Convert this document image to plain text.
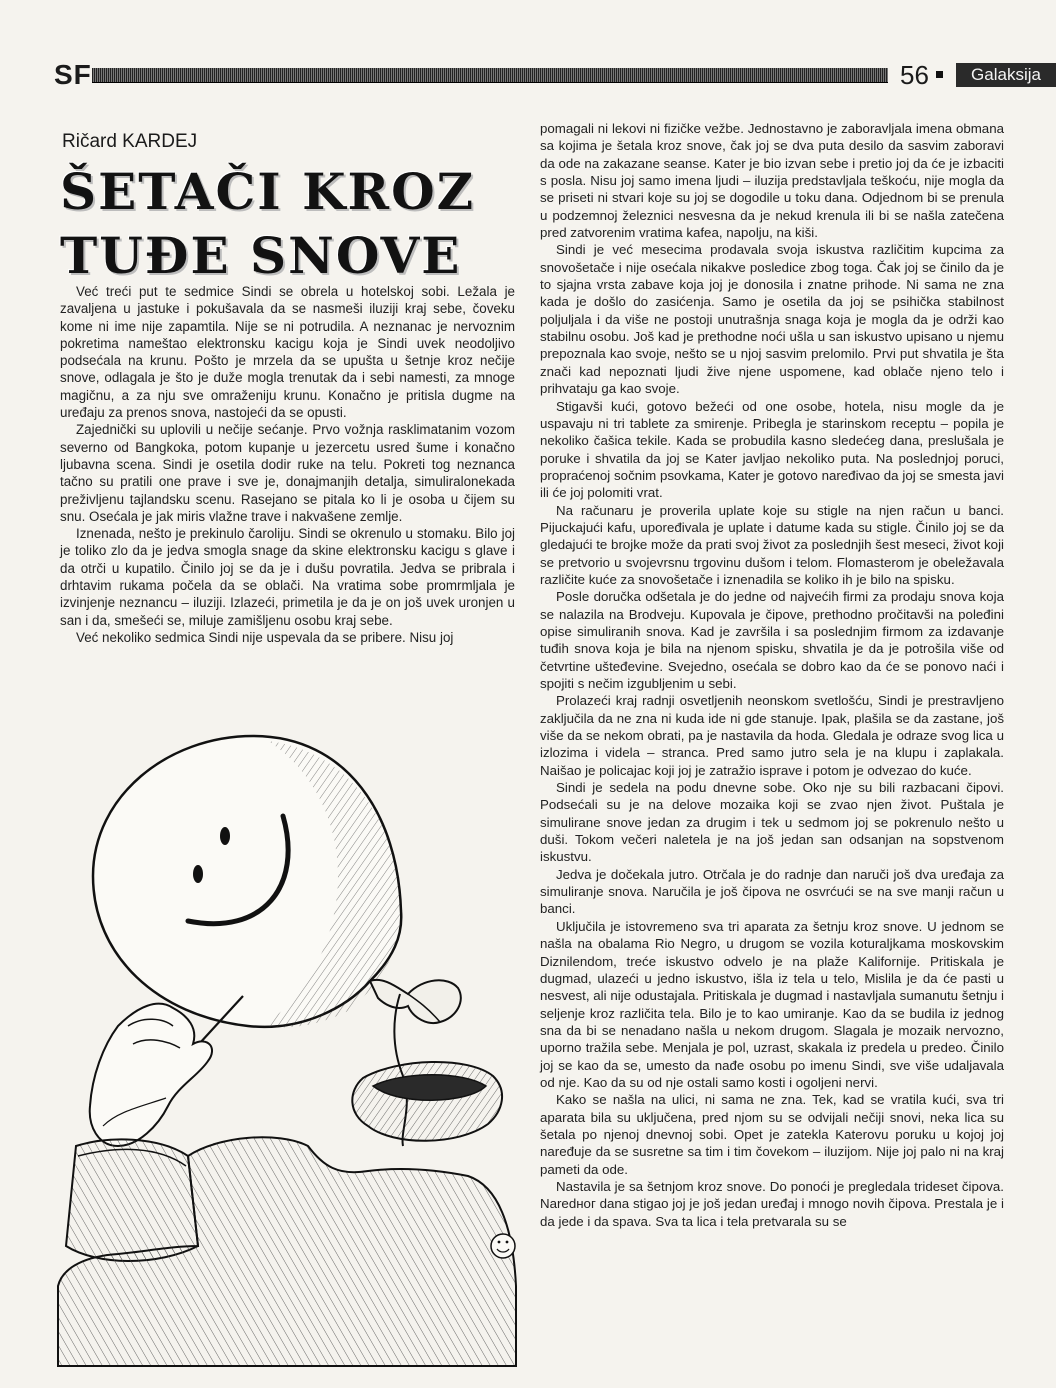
SF	56	Galaksija
Ričard KARDEJ
ŠETAČI KROZ
TUĐE SNOVE

Već treći put te sedmice Sindi se obrela u hotelskoj sobi. Ležala je zavaljena u jastuke i pokušavala da se nasmeši iluziji kraj sebe, čoveku kome ni ime nije zapamtila. Nije se ni potrudila. A neznanac je nervoznim pokretima nameštao elektronsku kacigu koja je Sindi uvek neodoljivo podsećala na krunu. Pošto je mrzela da se upušta u šetnje kroz nečije snove, odlagala je što je duže mogla trenutak da i sebi namesti, za mnoge magičnu, a za nju sve omraženiju krunu. Konačno je pritisla dugme na uređaju za prenos snova, nastojeći da se opusti.

Zajednički su uplovili u nečije sećanje. Prvo vožnja rasklimatanim vozom severno od Bangkoka, potom kupanje u jezercetu usred šume i konačno ljubavna scena. Sindi je osetila dodir ruke na telu. Pokreti tog neznanca tačno su pratili one prave i sve je, donajmanjih detalja, simuliralonekada preživljenu tajlandsku scenu. Rasejano se pitala ko li je osoba u čijem su snu. Osećala je jak miris vlažne trave i nakvašene zemlje.

Iznenada, nešto je prekinulo čaroliju. Sindi se okrenulo u stomaku. Bilo joj je toliko zlo da je jedva smogla snage da skine elektronsku kacigu s glave i da otrči u kupatilo. Činilo joj se da je i dušu povratila. Jedva se pribrala i drhtavim rukama počela da se oblači. Na vratima sobe promrmljala je izvinjenje neznancu – iluziji. Izlazeći, primetila je da je on još uvek uronjen u san i da, smešeći se, miluje zamišljenu osobu kraj sebe.

Već nekoliko sedmica Sindi nije uspevala da se pribere. Nisu joj

pomagali ni lekovi ni fizičke vežbe. Jednostavno je zaboravljala imena obmana sa kojima je šetala kroz snove, čak joj se dva puta desilo da sasvim zaboravi da ode na zakazane seanse. Kater je bio izvan sebe i pretio joj da će je izbaciti s posla. Nisu joj samo imena ljudi – iluzija predstavljala teškoću, nije mogla da se priseti ni stvari koje su joj se dogodile u toku dana. Odjednom bi se prenula u podzemnoj železnici nesvesna da je nekud krenula ili bi se našla zatečena pred zatvorenim vratima kafea, napolju, na kiši.

Sindi je već mesecima prodavala svoja iskustva različitim kupcima za snovošetače i nije osećala nikakve posledice zbog toga. Čak joj se činilo da je to sjajna vrsta zabave koja joj je donosila i znatne prihode. Ni sama ne zna kada je došlo do zasićenja. Samo je osetila da joj se psihička stabilnost poljuljala i da više ne postoji unutrašnja snaga koja je mogla da je održi kao stabilnu osobu. Još kad je prethodne noći ušla u san iskustvo upisano u njemu prepoznala kao svoje, nešto se u njoj sasvim prelomilo. Prvi put shvatila je šta znači kad nepoznati ljudi žive njene uspomene, kad oblače njeno telo i prihvataju ga kao svoje.

Stigavši kući, gotovo bežeći od one osobe, hotela, nisu mogle da je uspavaju ni tri tablete za smirenje. Pribegla je starinskom receptu – popila je nekoliko čašica tekile. Kada se probudila kasno sledećeg dana, preslušala je poruke i shvatila da joj se Kater javljao nekoliko puta. Na poslednjoj poruci, propraćenoj sočnim psovkama, Kater je gotovo naređivao da joj se smesta javi ili će joj polomiti vrat.

Na računaru je proverila uplate koje su stigle na njen račun u banci. Pijuckajući kafu, upoređivala je uplate i datume kada su stigle. Činilo joj se da gledajući te brojke može da prati svoj život za poslednjih šest meseci, život koji se pretvorio u svojevrsnu trgovinu dušom i telom. Flomasterom je obeležavala različite kuće za snovošetače i iznenadila se koliko ih je bilo na spisku.

Posle doručka odšetala je do jedne od najvećih firmi za prodaju snova koja se nalazila na Brodveju. Kupovala je čipove, prethodno pročitavši na poleđini opise simuliranih snova. Kad je završila i sa poslednjim firmom za izdavanje tuđih snova koja je bila na njenom spisku, shvatila je da je potrošila više od četvrtine ušteđevine. Svejedno, osećala se dobro kao da će se ponovo naći i spojiti s nečim izgubljenim u sebi.

Prolazeći kraj radnji osvetljenih neonskom svetlošću, Sindi je prestravljeno zaključila da ne zna ni kuda ide ni gde stanuje. Ipak, plašila se da zastane, još više da se nekom obrati, pa je nastavila da hoda. Gledala je odraze svog lica u izlozima i videla – stranca. Pred samo jutro sela je na klupu i zaplakala. Naišao je policajac koji joj je zatražio isprave i potom je odvezao do kuće.

Sindi je sedela na podu dnevne sobe. Oko nje su bili razbacani čipovi. Podsećali su je na delove mozaika koji se zvao njen život. Puštala je simulirane snove jedan za drugim i tek u sedmom joj se pokrenulo nešto u duši. Tokom večeri naletela je na još jedan san odsanjan na sopstvenom iskustvu.

Jedva je dočekala jutro. Otrčala je do radnje dan naruči još dva uređaja za simuliranje snova. Naručila je još čipova ne osvrćući se na sve manji račun u banci.

Uključila je istovremeno sva tri aparata za šetnju kroz snove. U jednom se našla na obalama Rio Negro, u drugom se vozila koturaljkama moskovskim Diznilendom, treće iskustvo odvelo je na plaže Kalifornije. Pritiskala je dugmad, ulazeći u jedno iskustvo, išla iz tela u telo, Mislila je da će pasti u nesvest, ali nije odustajala. Pritiskala je dugmad i nastavljala sumanutu šetnju i seljenje kroz različita tela. Bilo je to kao umiranje. Kao da se budila iz jednog sna da bi se nenadano našla u nekom drugom. Slagala je mozaik nervozno, uporno tražila sebe. Menjala je pol, uzrast, skakala iz predela u predeo. Činilo joj se kao da se, umesto da nađe osobu po imenu Sindi, sve više udaljavala od nje. Kao da su od nje ostali samo kosti i ogoljeni nervi.

Kako se našla na ulici, ni sama ne zna. Tek, kad se vratila kući, sva tri aparata bila su uključena, pred njom su se odvijali nečiji snovi, neka lica su šetala po njenoj dnevnoj sobi. Opet je zatekla Katerovu poruku u kojoj joj naređuje da se susretne sa tim i tim čovekom – iluzijom. Nije joj palo ni na kraj pameti da ode.

Nastavila je sa šetnjom kroz snove. Do ponoći je pregledala trideset čipova. Naredног dana stigao joj je još jedan uređaj i mnogo novih čipova. Prestala je i da jede i da spava. Sva ta lica i tela pretvarala su se
